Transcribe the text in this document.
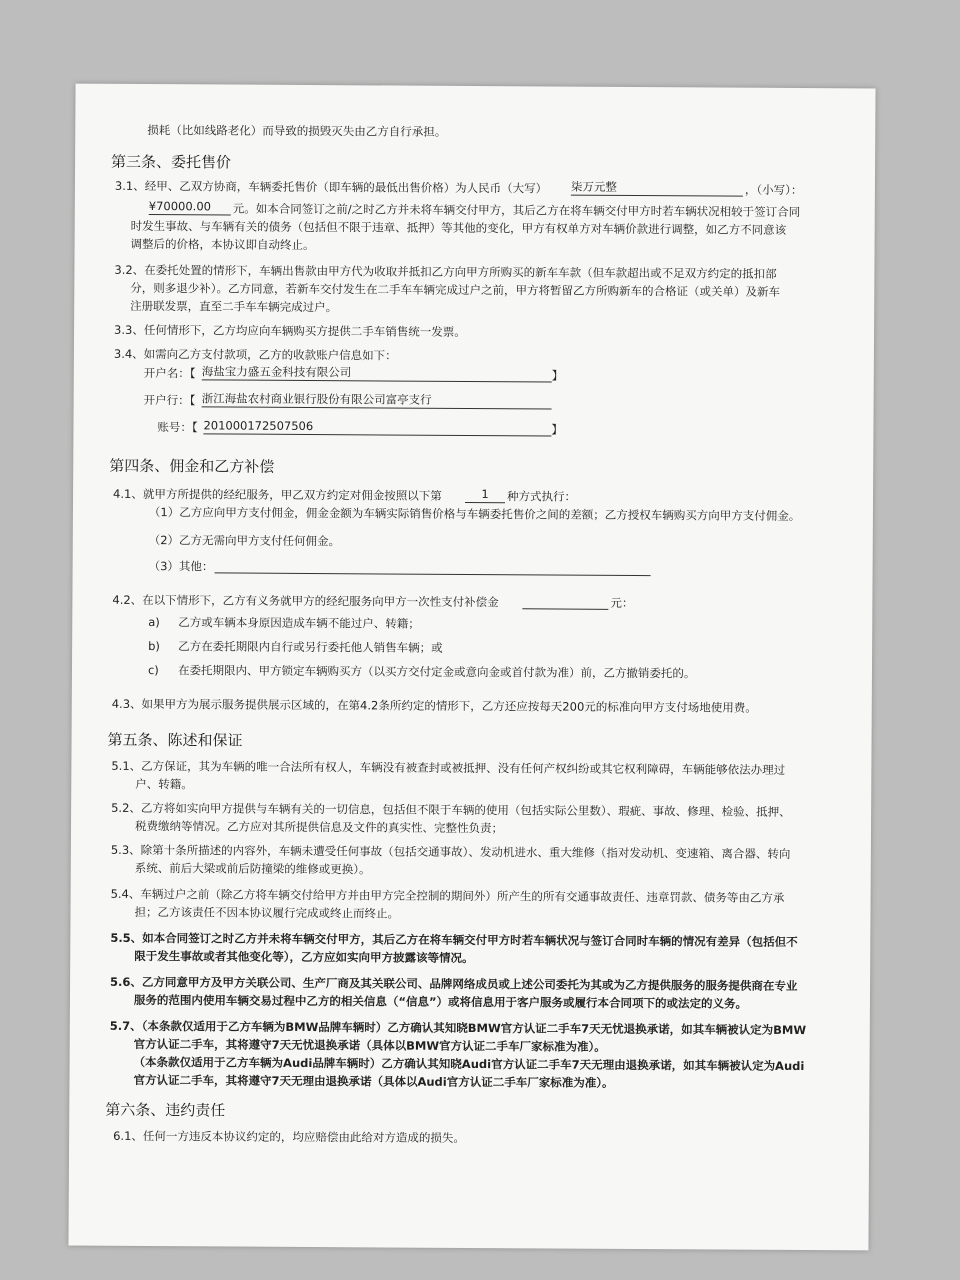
损耗（比如线路老化）而导致的损毁灭失由乙方自行承担。
第三条、委托售价
3.1、经甲、乙双方协商，车辆委托售价（即车辆的最低出售价格）为人民币（大写） 柒万元整	，（小写）：
¥70000.00	元。如本合同签订之前/之时乙方并未将车辆交付甲方，其后乙方在将车辆交付甲方时若车辆状况相较于签订合同
时发生事故、与车辆有关的债务（包括但不限于违章、抵押）等其他的变化，甲方有权单方对车辆价款进行调整，如乙方不同意该
调整后的价格，本协议即自动终止。
3.2、在委托处置的情形下，车辆出售款由甲方代为收取并抵扣乙方向甲方所购买的新车车款（但车款超出或不足双方约定的抵扣部
分，则多退少补）。乙方同意，若新车交付发生在二手车车辆完成过户之前，甲方将暂留乙方所购新车的合格证（或关单）及新车
注册联发票，直至二手车车辆完成过户。
3.3、任何情形下，乙方均应向车辆购买方提供二手车销售统一发票。
3.4、如需向乙方支付款项，乙方的收款账户信息如下：
开户名：【 海盐宝力盛五金科技有限公司	】
开户行：【 浙江海盐农村商业银行股份有限公司富亭支行
账号：【 201000172507506	】
第四条、佣金和乙方补偿
4.1、就甲方所提供的经纪服务，甲乙双方约定对佣金按照以下第	1	种方式执行：
（1）乙方应向甲方支付佣金，佣金金额为车辆实际销售价格与车辆委托售价之间的差额；乙方授权车辆购买方向甲方支付佣金。
（2）乙方无需向甲方支付任何佣金。
（3）其他：
4.2、在以下情形下，乙方有义务就甲方的经纪服务向甲方一次性支付补偿金	元：
a) 乙方或车辆本身原因造成车辆不能过户、转籍；
b) 乙方在委托期限内自行或另行委托他人销售车辆；或
c) 在委托期限内、甲方锁定车辆购买方（以买方交付定金或意向金或首付款为准）前，乙方撤销委托的。
4.3、如果甲方为展示服务提供展示区域的，在第4.2条所约定的情形下，乙方还应按每天200元的标准向甲方支付场地使用费。
第五条、陈述和保证
5.1、乙方保证，其为车辆的唯一合法所有权人，车辆没有被查封或被抵押、没有任何产权纠纷或其它权利障碍，车辆能够依法办理过
户、转籍。
5.2、乙方将如实向甲方提供与车辆有关的一切信息，包括但不限于车辆的使用（包括实际公里数）、瑕疵、事故、修理、检验、抵押、
税费缴纳等情况。乙方应对其所提供信息及文件的真实性、完整性负责；
5.3、除第十条所描述的内容外，车辆未遭受任何事故（包括交通事故）、发动机进水、重大维修（指对发动机、变速箱、离合器、转向
系统、前后大梁或前后防撞梁的维修或更换）。
5.4、车辆过户之前（除乙方将车辆交付给甲方并由甲方完全控制的期间外）所产生的所有交通事故责任、违章罚款、债务等由乙方承
担；乙方该责任不因本协议履行完成或终止而终止。
5.5、如本合同签订之时乙方并未将车辆交付甲方，其后乙方在将车辆交付甲方时若车辆状况与签订合同时车辆的情况有差异（包括但不
限于发生事故或者其他变化等），乙方应如实向甲方披露该等情况。
5.6、乙方同意甲方及甲方关联公司、生产厂商及其关联公司、品牌网络成员或上述公司委托为其或为乙方提供服务的服务提供商在专业
服务的范围内使用车辆交易过程中乙方的相关信息（“信息”）或将信息用于客户服务或履行本合同项下的或法定的义务。
5.7、（本条款仅适用于乙方车辆为BMW品牌车辆时）乙方确认其知晓BMW官方认证二手车7天无忧退换承诺，如其车辆被认定为BMW
官方认证二手车，其将遵守7天无忧退换承诺（具体以BMW官方认证二手车厂家标准为准）。
（本条款仅适用于乙方车辆为Audi品牌车辆时）乙方确认其知晓Audi官方认证二手车7天无理由退换承诺，如其车辆被认定为Audi
官方认证二手车，其将遵守7天无理由退换承诺（具体以Audi官方认证二手车厂家标准为准）。
第六条、违约责任
6.1、任何一方违反本协议约定的，均应赔偿由此给对方造成的损失。
